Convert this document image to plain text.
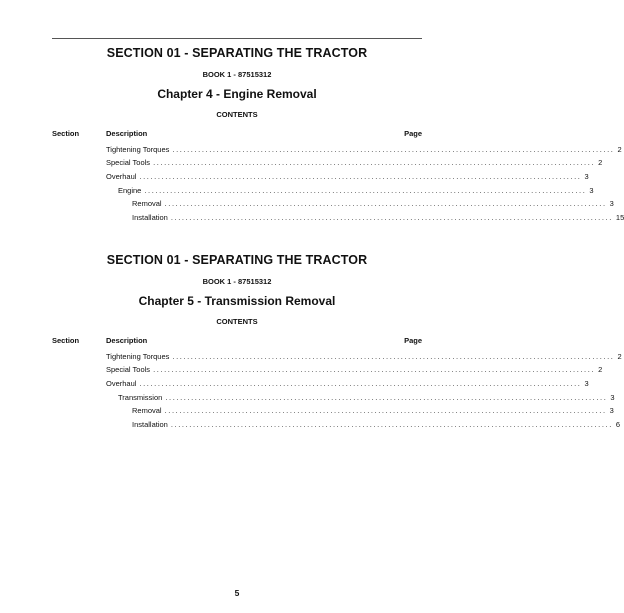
SECTION 01 - SEPARATING THE TRACTOR
BOOK 1 - 87515312
Chapter 4 - Engine Removal
CONTENTS
Section	Description	Page
Tightening Torques ........................................................................................................................ 2
Special Tools ........................................................................................................................ 2
Overhaul ........................................................................................................................ 3
Engine ........................................................................................................................ 3
Removal ........................................................................................................................ 3
Installation ........................................................................................................................ 15
SECTION 01 - SEPARATING THE TRACTOR
BOOK 1 - 87515312
Chapter 5 - Transmission Removal
CONTENTS
Section	Description	Page
Tightening Torques ........................................................................................................................ 2
Special Tools ........................................................................................................................ 2
Overhaul ........................................................................................................................ 3
Transmission ........................................................................................................................ 3
Removal ........................................................................................................................ 3
Installation ........................................................................................................................ 6
5
